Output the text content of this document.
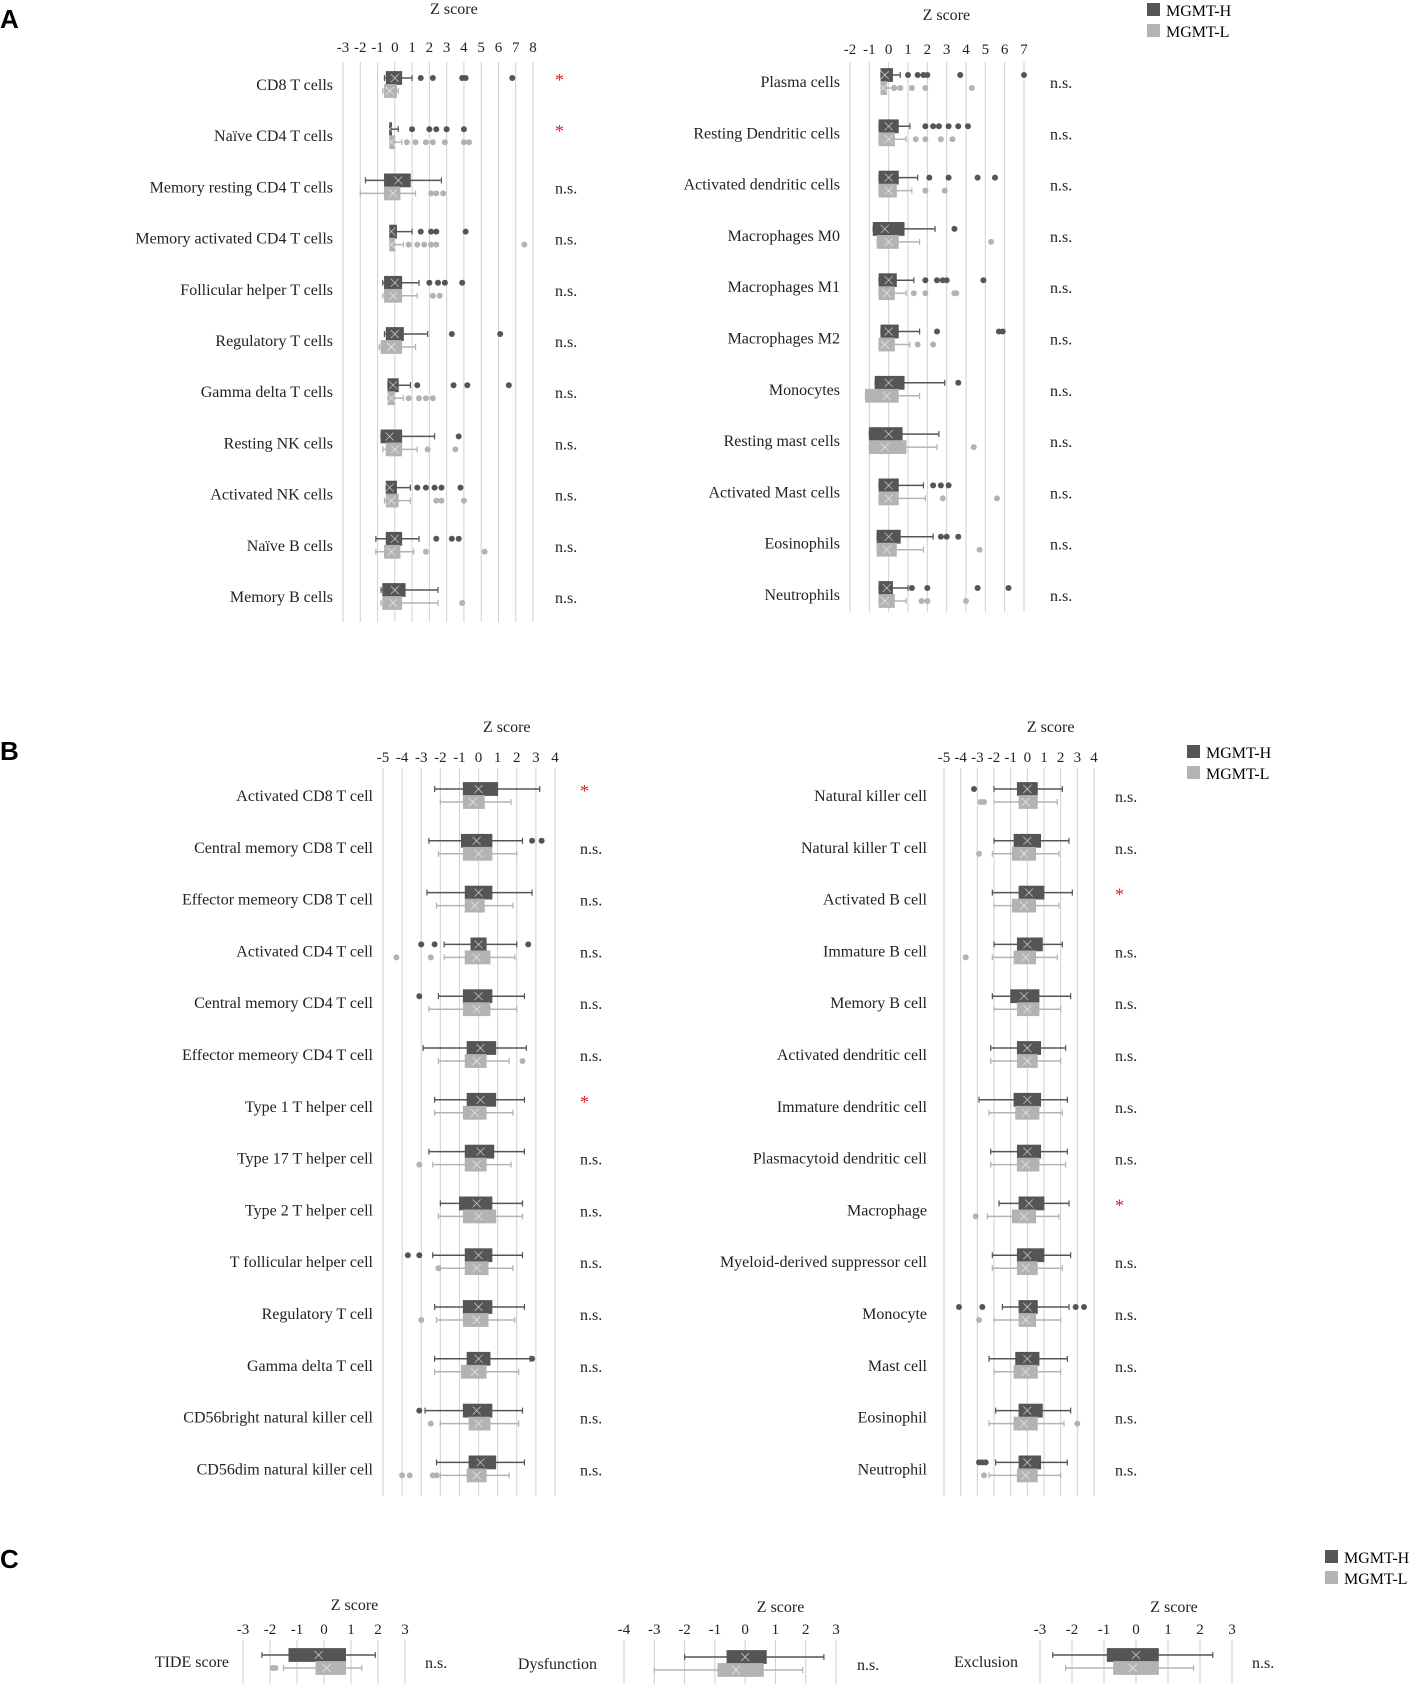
A
B
C
MGMT-H
MGMT-L
MGMT-H
MGMT-L
MGMT-H
MGMT-L
Z score
-3 -2 -1 0 1 2 3 4 5 6 7 8
CD8 T cells	*
Naïve CD4 T cells	*
Memory resting CD4 T cells	n.s.
Memory activated CD4 T cells	n.s.
Follicular helper T cells	n.s.
Regulatory T cells	n.s.
Gamma delta T cells	n.s.
Resting NK cells	n.s.
Activated NK cells	n.s.
Naïve B cells	n.s.
Memory B cells	n.s.
Z score
-2 -1 0 1 2 3 4 5 6 7
Plasma cells	n.s.
Resting Dendritic cells	n.s.
Activated dendritic cells	n.s.
Macrophages M0	n.s.
Macrophages M1	n.s.
Macrophages M2	n.s.
Monocytes	n.s.
Resting mast cells	n.s.
Activated Mast cells	n.s.
Eosinophils	n.s.
Neutrophils	n.s.
Z score
-5 -4 -3 -2 -1 0 1 2 3 4
Activated CD8 T cell	*
Central memory CD8 T cell	n.s.
Effector memeory CD8 T cell	n.s.
Activated CD4 T cell	n.s.
Central memory CD4 T cell	n.s.
Effector memeory CD4 T cell	n.s.
Type 1 T helper cell	*
Type 17 T helper cell	n.s.
Type 2 T helper cell	n.s.
T follicular helper cell	n.s.
Regulatory T cell	n.s.
Gamma delta T cell	n.s.
CD56bright natural killer cell	n.s.
CD56dim natural killer cell	n.s.
Z score
-5 -4 -3 -2 -1 0 1 2 3 4
Natural killer cell	n.s.
Natural killer T cell	n.s.
Activated B cell	*
Immature B cell	n.s.
Memory B cell	n.s.
Activated dendritic cell	n.s.
Immature dendritic cell	n.s.
Plasmacytoid dendritic cell	n.s.
Macrophage	*
Myeloid-derived suppressor cell	n.s.
Monocyte	n.s.
Mast cell	n.s.
Eosinophil	n.s.
Neutrophil	n.s.
Z score
-3 -2 -1 0 1 2 3
TIDE score	n.s.
Z score
-4 -3 -2 -1 0 1 2 3
Dysfunction	n.s.
Z score
-3 -2 -1 0 1 2 3
Exclusion	n.s.
